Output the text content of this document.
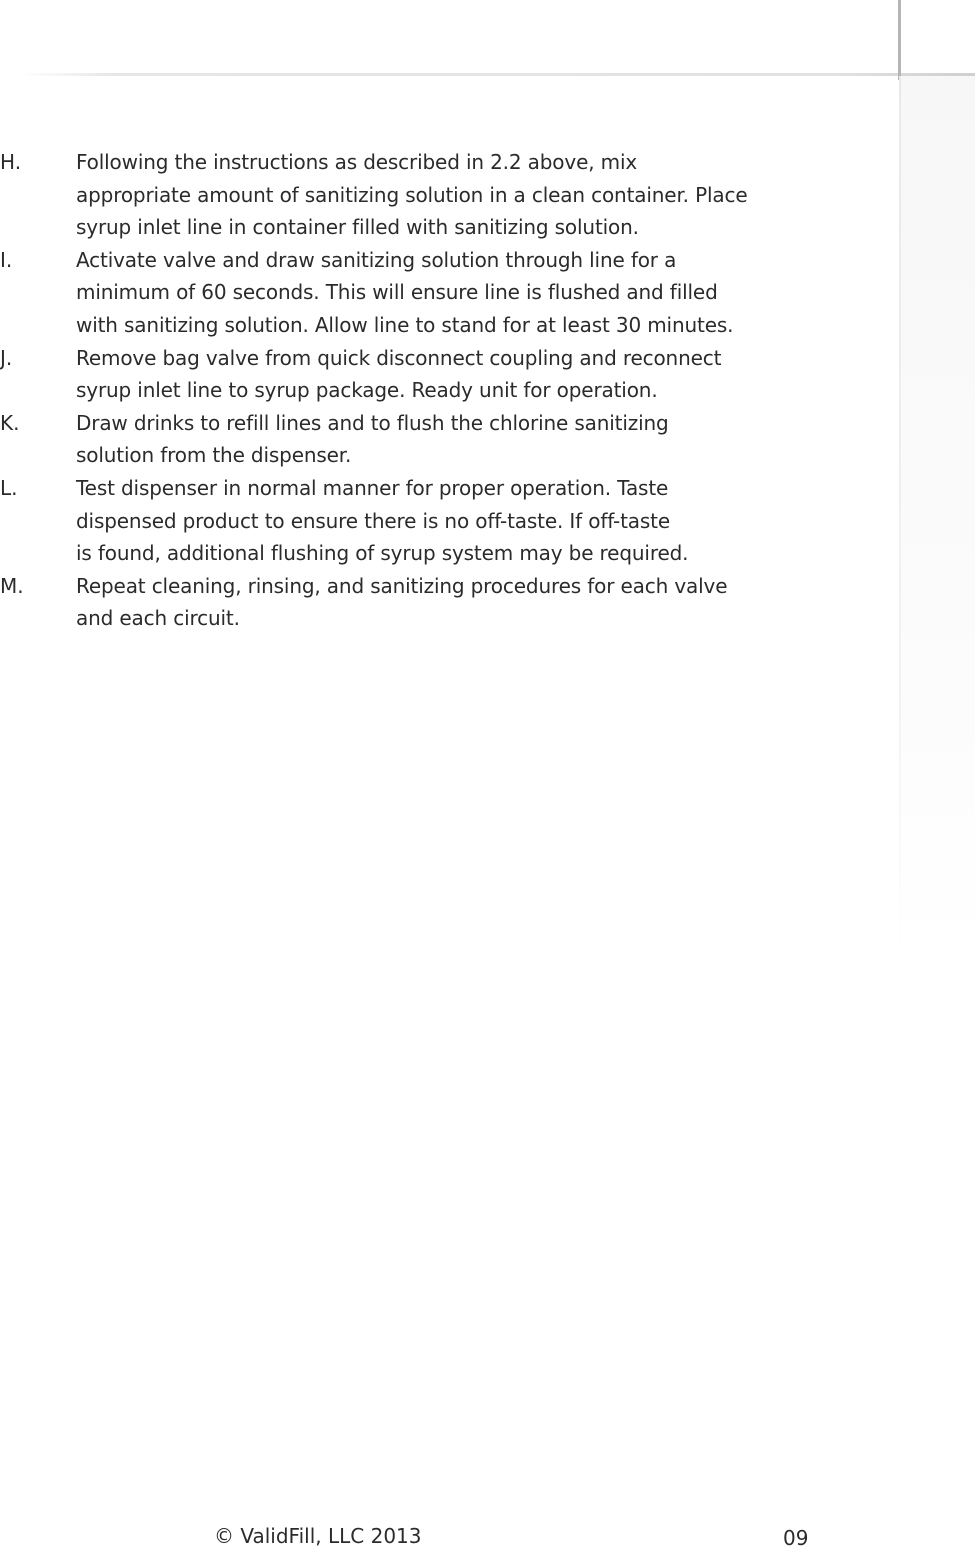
H.	Following the instructions as described in 2.2 above, mix
appropriate amount of sanitizing solution in a clean container. Place
syrup inlet line in container filled with sanitizing solution.
I.	Activate valve and draw sanitizing solution through line for a
minimum of 60 seconds. This will ensure line is flushed and filled
with sanitizing solution. Allow line to stand for at least 30 minutes.
J.	Remove bag valve from quick disconnect coupling and reconnect
syrup inlet line to syrup package. Ready unit for operation.
K.	Draw drinks to refill lines and to flush the chlorine sanitizing
solution from the dispenser.
L.	Test dispenser in normal manner for proper operation. Taste
dispensed product to ensure there is no off-taste. If off-taste
is found, additional flushing of syrup system may be required.
M.	Repeat cleaning, rinsing, and sanitizing procedures for each valve
and each circuit.
© ValidFill, LLC 2013	09
